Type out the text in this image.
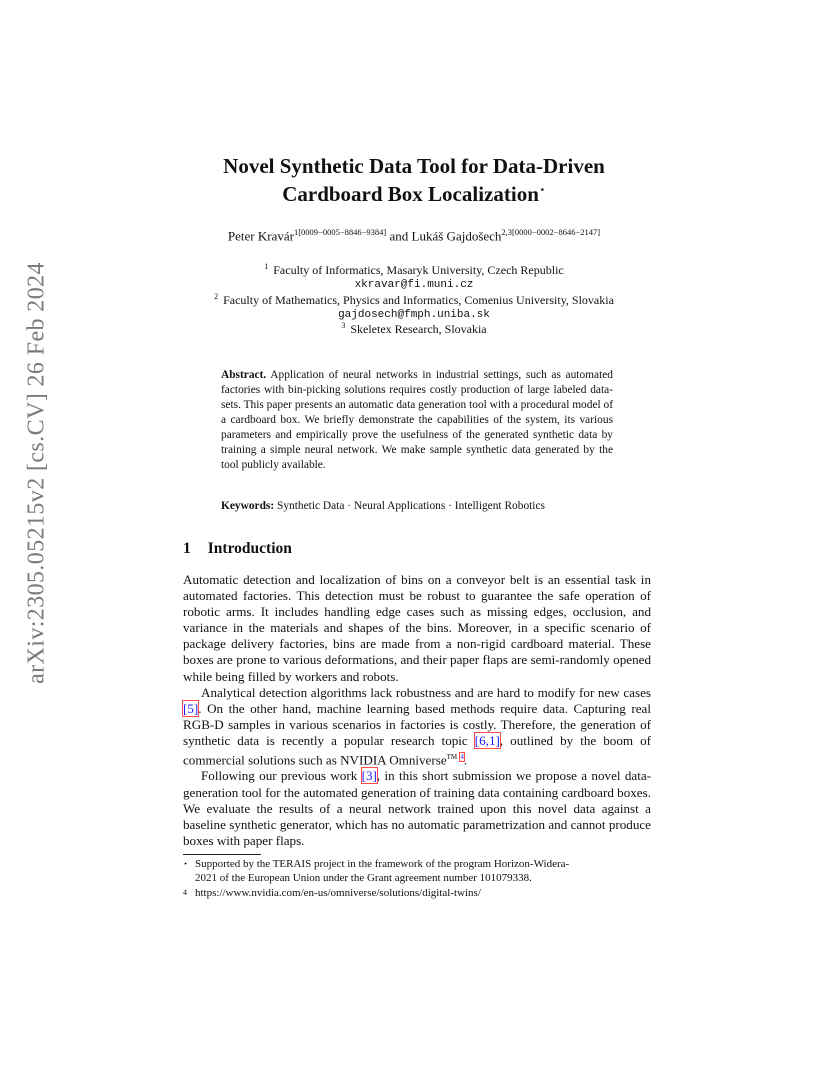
arXiv:2305.05215v2 [cs.CV] 26 Feb 2024
Novel Synthetic Data Tool for Data-Driven
Cardboard Box Localization⋆
Peter Kravár$^{1[0009-0005-8846-9384]}$ and Lukáš Gajdošech$^{2,3[0000-0002-8646-2147]}$
$^1$ Faculty of Informatics, Masaryk University, Czech Republic
xkravar@fi.muni.cz
$^2$ Faculty of Mathematics, Physics and Informatics, Comenius University, Slovakia
gajdosech@fmph.uniba.sk
$^3$ Skeletex Research, Slovakia
Abstract. Application of neural networks in industrial settings, such as automated factories with bin-picking solutions requires costly production of large labeled data-sets. This paper presents an automatic data generation tool with a procedural model of a cardboard box. We briefly demonstrate the capabilities of the system, its various parameters and empirically prove the usefulness of the generated synthetic data by training a simple neural network. We make sample synthetic data generated by the tool publicly available.
Keywords: Synthetic Data · Neural Applications · Intelligent Robotics
1 Introduction

Automatic detection and localization of bins on a conveyor belt is an essential task in automated factories. This detection must be robust to guarantee the safe operation of robotic arms. It includes handling edge cases such as missing edges, occlusion, and variance in the materials and shapes of the bins. Moreover, in a specific scenario of package delivery factories, bins are made from a non-rigid cardboard material. These boxes are prone to various deformations, and their paper flaps are semi-randomly opened while being filled by workers and robots.

Analytical detection algorithms lack robustness and are hard to modify for new cases [5]. On the other hand, machine learning based methods require data. Capturing real RGB-D samples in various scenarios in factories is costly. Therefore, the generation of synthetic data is recently a popular research topic [6,1], outlined by the boom of commercial solutions such as NVIDIA Omniverse™ $^4$.

Following our previous work [3], in this short submission we propose a novel data-generation tool for the automated generation of training data containing cardboard boxes. We evaluate the results of a neural network trained upon this novel data against a baseline synthetic generator, which has no automatic parametrization and cannot produce boxes with paper flaps.

⋆ Supported by the TERAIS project in the framework of the program Horizon-Widera-
2021 of the European Union under the Grant agreement number 101079338.
4 https://www.nvidia.com/en-us/omniverse/solutions/digital-twins/
